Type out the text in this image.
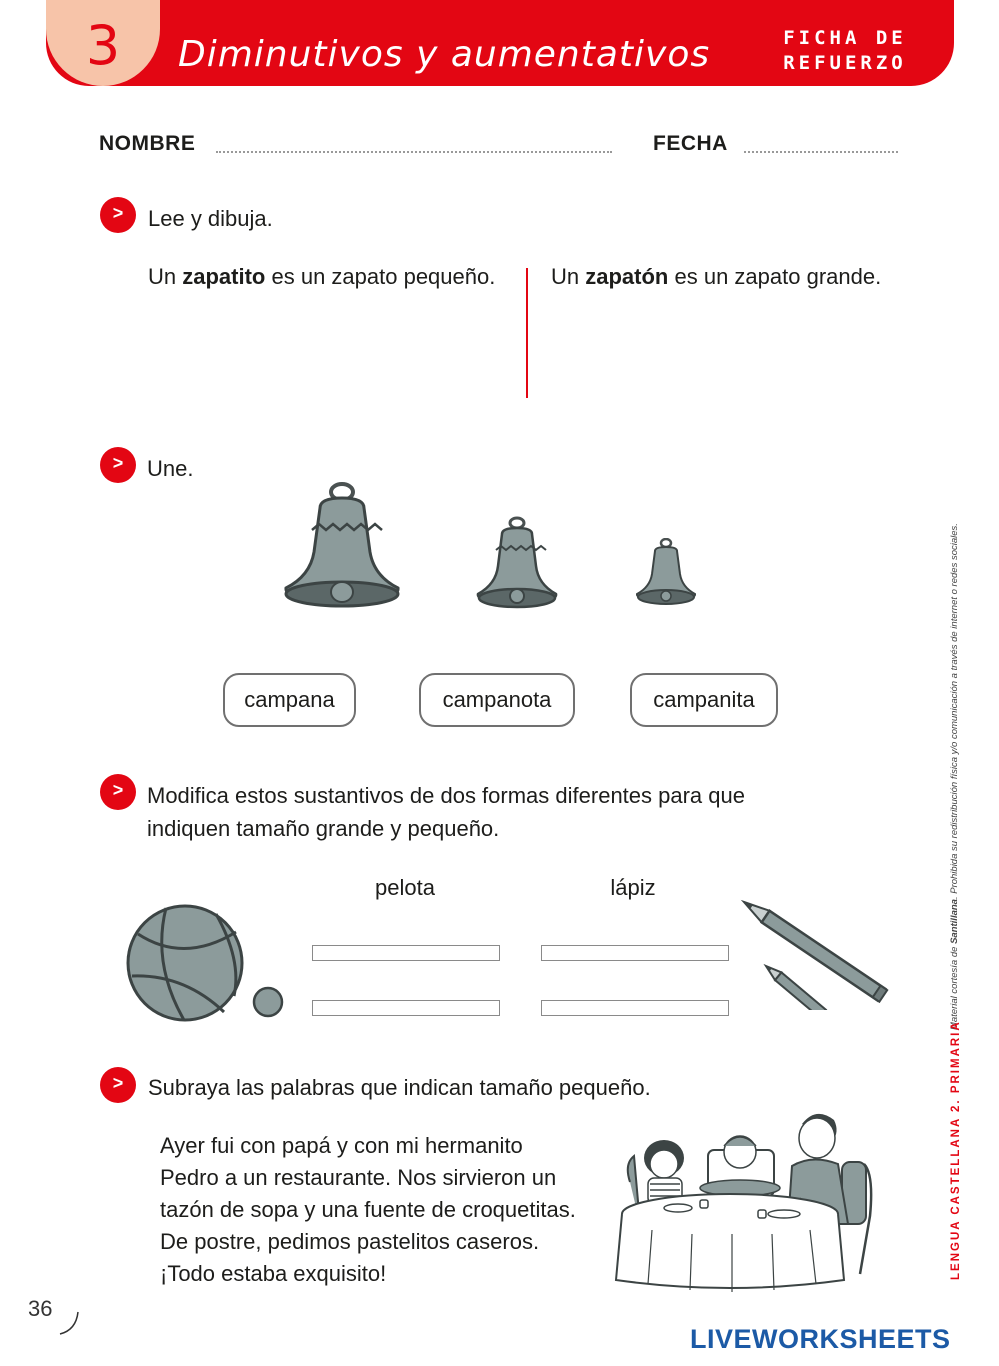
3	Diminutivos y aumentativos	FICHA DE
REFUERZO
NOMBRE	FECHA
>	Lee y dibuja.
Un zapatito es un zapato pequeño.	Un zapatón es un zapato grande.
>	Une.
campana	campanota	campanita
>	Modifica estos sustantivos de dos formas diferentes para que
indiquen tamaño grande y pequeño.
pelota	lápiz
>	Subraya las palabras que indican tamaño pequeño.
Ayer fui con papá y con mi hermanito
Pedro a un restaurante. Nos sirvieron un
tazón de sopa y una fuente de croquetitas.
De postre, pedimos pastelitos caseros.
¡Todo estaba exquisito!
Material cortesía de Santillana. Prohibida su redistribución física y/o comunicación a través de internet o redes sociales.
LENGUA CASTELLANA 2. PRIMARIA
36
LIVEWORKSHEETS
